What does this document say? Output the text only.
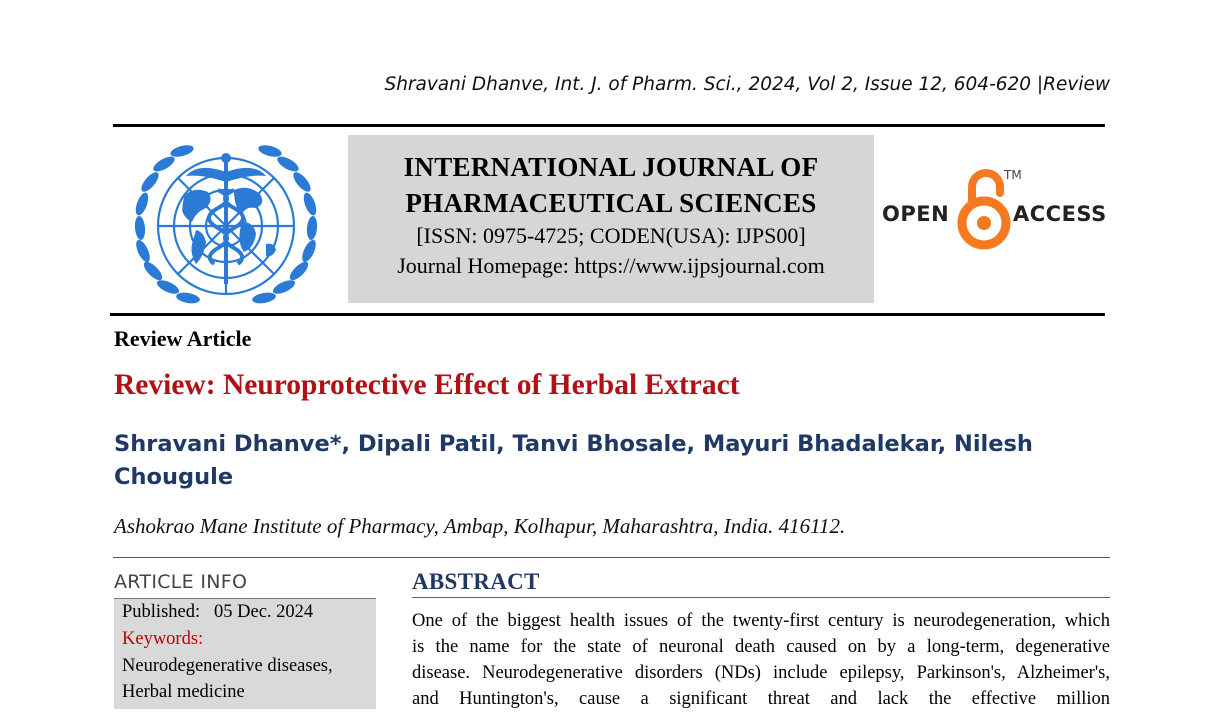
Shravani Dhanve, Int. J. of Pharm. Sci., 2024, Vol 2, Issue 12, 604-620 |Review
INTERNATIONAL JOURNAL OF
PHARMACEUTICAL SCIENCES
[ISSN: 0975-4725; CODEN(USA): IJPS00]
Journal Homepage: https://www.ijpsjournal.com
OPEN
TM
ACCESS
Review Article
Review: Neuroprotective Effect of Herbal Extract
Shravani Dhanve*, Dipali Patil, Tanvi Bhosale, Mayuri Bhadalekar, Nilesh
Chougule
Ashokrao Mane Institute of Pharmacy, Ambap, Kolhapur, Maharashtra, India. 416112.
ARTICLE INFO
Published: 05 Dec. 2024
Keywords:
Neurodegenerative diseases,
Herbal medicine
ABSTRACT
One of the biggest health issues of the twenty-first century is neurodegeneration, which
is the name for the state of neuronal death caused on by a long-term, degenerative
disease. Neurodegenerative disorders (NDs) include epilepsy, Parkinson's, Alzheimer's,
and Huntington's, cause a significant threat and lack the effective million
